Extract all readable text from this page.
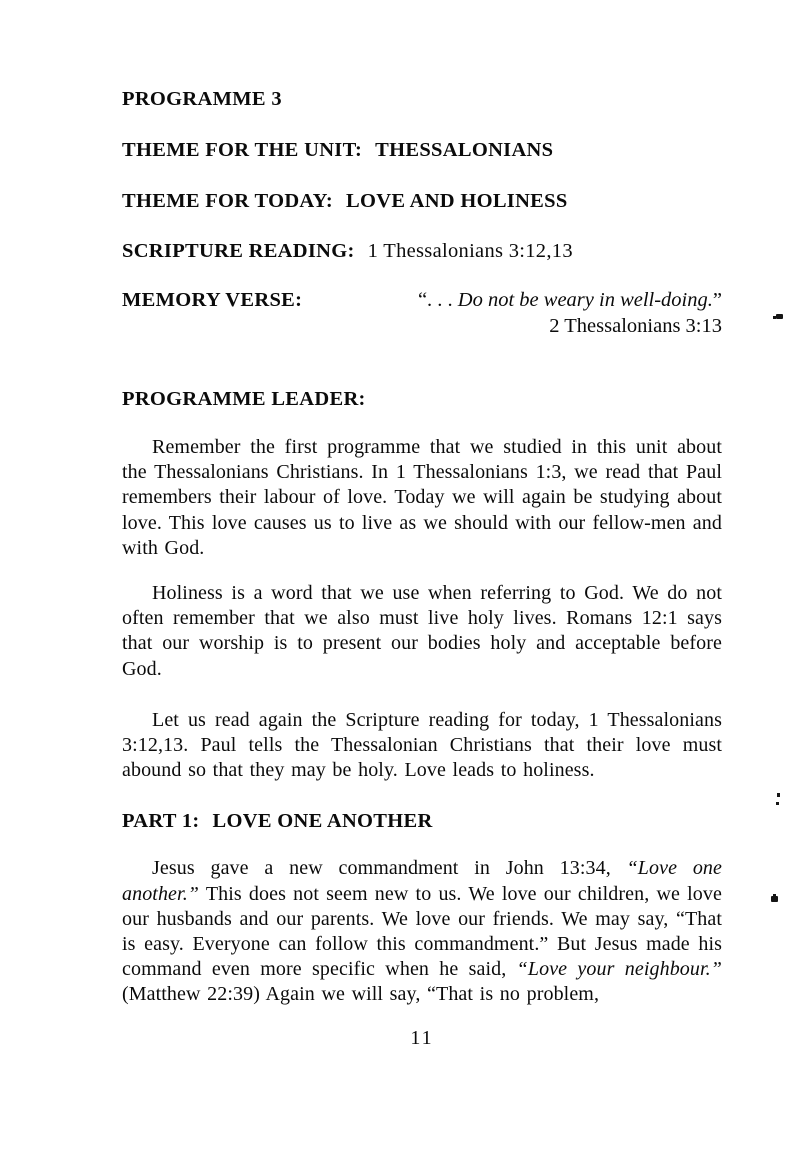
PROGRAMME 3
THEME FOR THE UNIT: THESSALONIANS
THEME FOR TODAY: LOVE AND HOLINESS
SCRIPTURE READING: 1 Thessalonians 3:12,13
MEMORY VERSE:	“. . . Do not be weary in well-doing.”
2 Thessalonians 3:13
PROGRAMME LEADER:

Remember the first programme that we studied in this unit about the Thessalonians Christians. In 1 Thessalonians 1:3, we read that Paul remembers their labour of love. Today we will again be studying about love. This love causes us to live as we should with our fellow-men and with God.

Holiness is a word that we use when referring to God. We do not often remember that we also must live holy lives. Romans 12:1 says that our worship is to present our bodies holy and acceptable before God.

Let us read again the Scripture reading for today, 1 Thessalonians 3:12,13. Paul tells the Thessalonian Christians that their love must abound so that they may be holy. Love leads to holiness.

PART 1: LOVE ONE ANOTHER

Jesus gave a new commandment in John 13:34, “Love one another.” This does not seem new to us. We love our children, we love our husbands and our parents. We love our friends. We may say, “That is easy. Everyone can follow this commandment.” But Jesus made his command even more specific when he said, “Love your neighbour.” (Matthew 22:39) Again we will say, “That is no problem,

11
